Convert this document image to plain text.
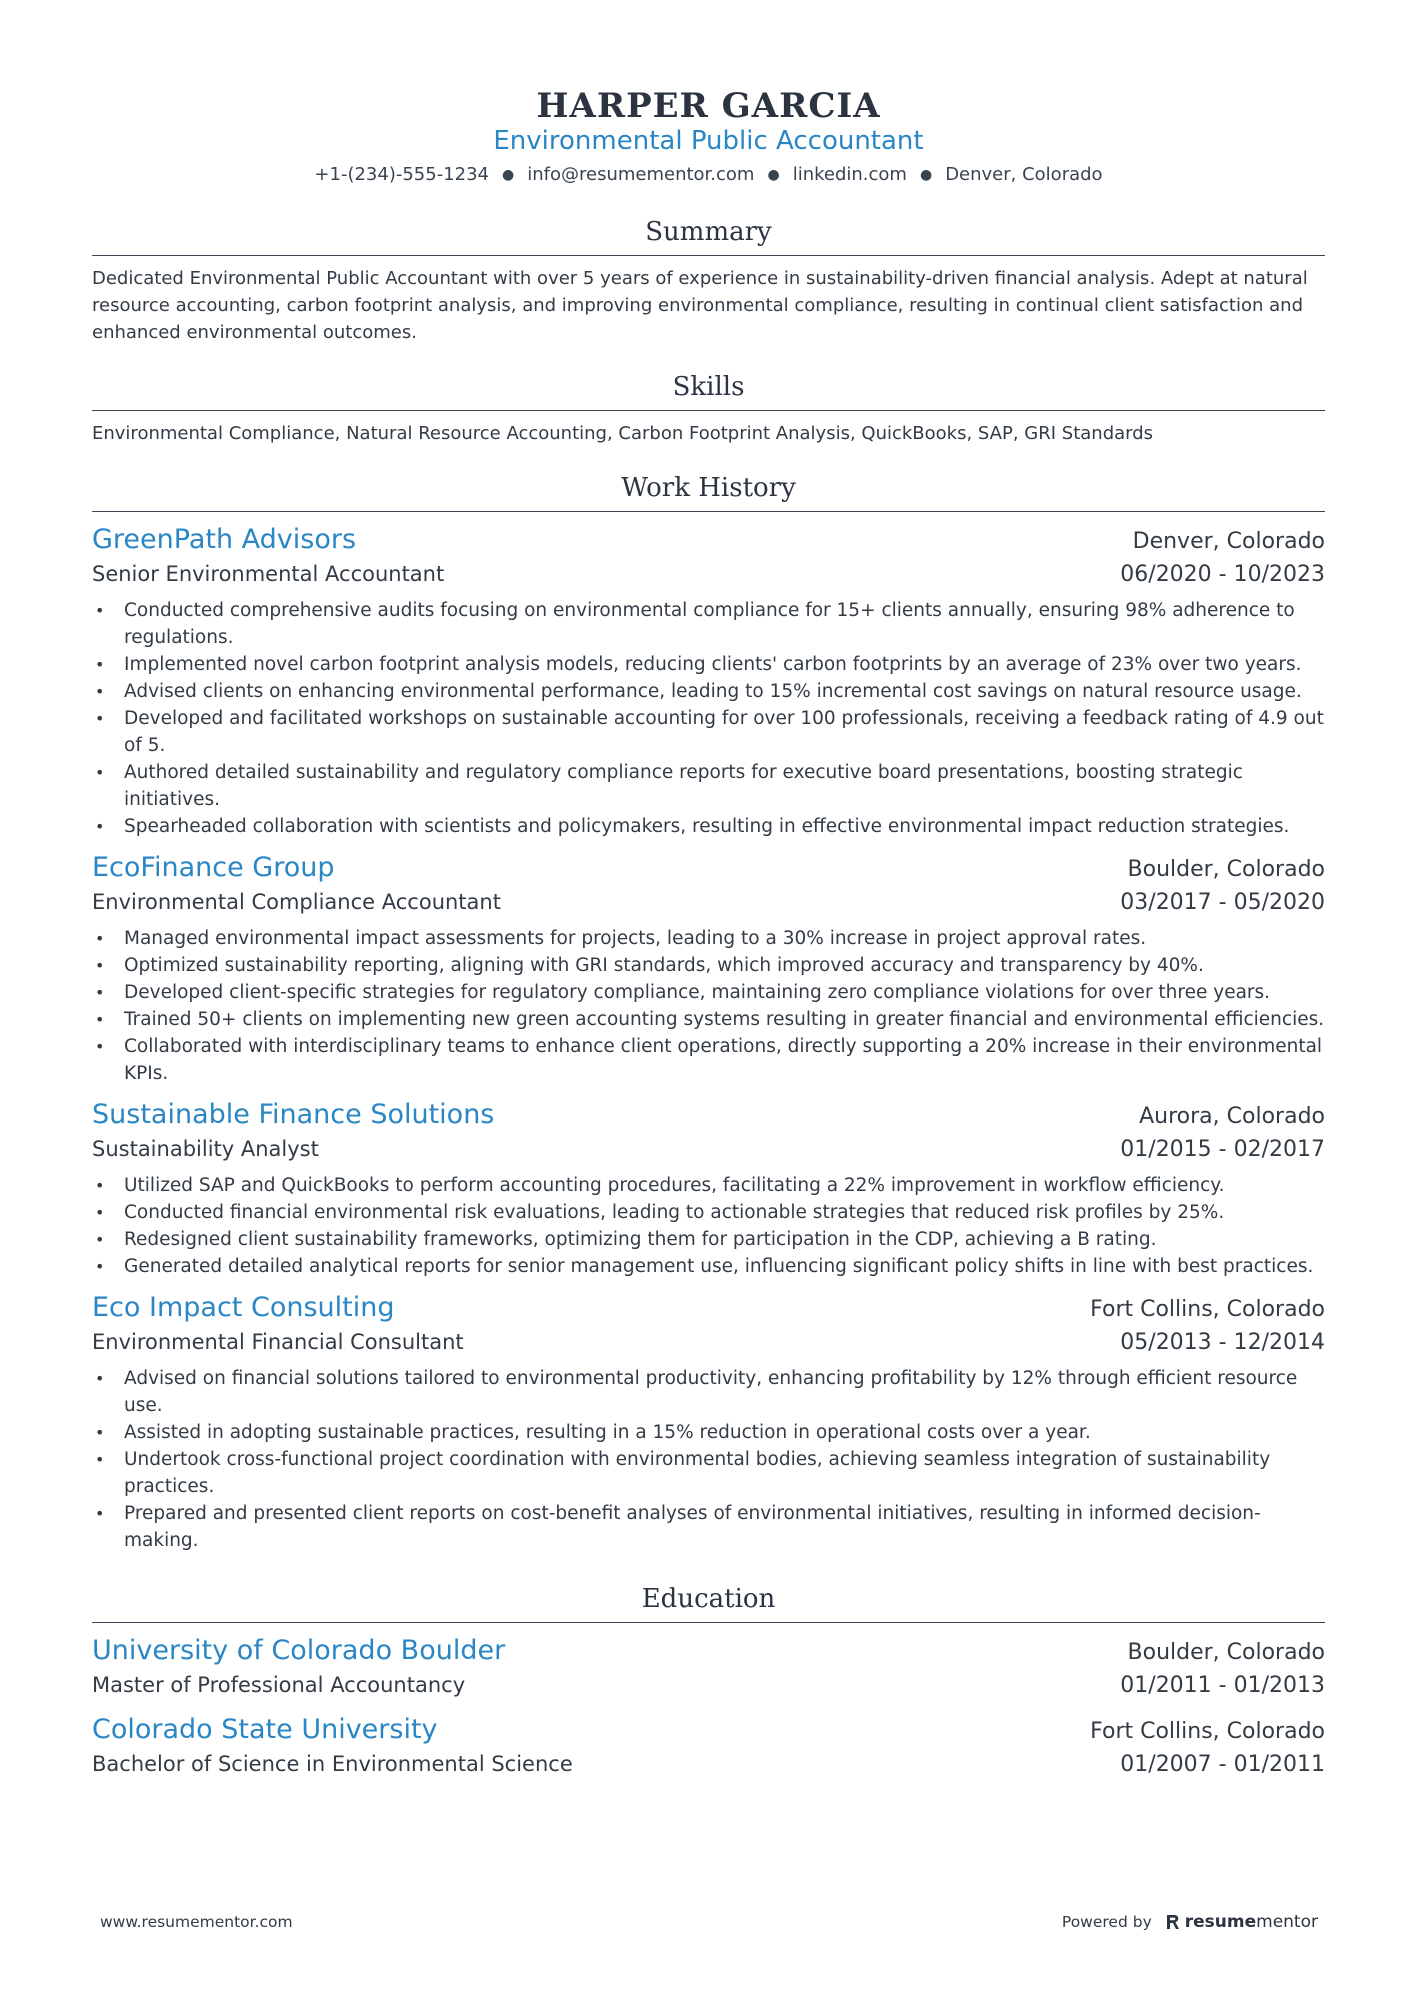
HARPER GARCIA
Environmental Public Accountant
+1-(234)-555-1234 ● info@resumementor.com ● linkedin.com ● Denver, Colorado
Summary

Dedicated Environmental Public Accountant with over 5 years of experience in sustainability-driven financial analysis. Adept at natural resource accounting, carbon footprint analysis, and improving environmental compliance, resulting in continual client satisfaction and enhanced environmental outcomes.

Skills

Environmental Compliance, Natural Resource Accounting, Carbon Footprint Analysis, QuickBooks, SAP, GRI Standards

Work History
GreenPath Advisors	Denver, Colorado
Senior Environmental Accountant	06/2020 - 10/2023
• Conducted comprehensive audits focusing on environmental compliance for 15+ clients annually, ensuring 98% adherence to regulations.
• Implemented novel carbon footprint analysis models, reducing clients' carbon footprints by an average of 23% over two years.
• Advised clients on enhancing environmental performance, leading to 15% incremental cost savings on natural resource usage.
• Developed and facilitated workshops on sustainable accounting for over 100 professionals, receiving a feedback rating of 4.9 out of 5.
• Authored detailed sustainability and regulatory compliance reports for executive board presentations, boosting strategic initiatives.
• Spearheaded collaboration with scientists and policymakers, resulting in effective environmental impact reduction strategies.
EcoFinance Group	Boulder, Colorado
Environmental Compliance Accountant	03/2017 - 05/2020
• Managed environmental impact assessments for projects, leading to a 30% increase in project approval rates.
• Optimized sustainability reporting, aligning with GRI standards, which improved accuracy and transparency by 40%.
• Developed client-specific strategies for regulatory compliance, maintaining zero compliance violations for over three years.
• Trained 50+ clients on implementing new green accounting systems resulting in greater financial and environmental efficiencies.
• Collaborated with interdisciplinary teams to enhance client operations, directly supporting a 20% increase in their environmental KPIs.
Sustainable Finance Solutions	Aurora, Colorado
Sustainability Analyst	01/2015 - 02/2017
• Utilized SAP and QuickBooks to perform accounting procedures, facilitating a 22% improvement in workflow efficiency.
• Conducted financial environmental risk evaluations, leading to actionable strategies that reduced risk profiles by 25%.
• Redesigned client sustainability frameworks, optimizing them for participation in the CDP, achieving a B rating.
• Generated detailed analytical reports for senior management use, influencing significant policy shifts in line with best practices.
Eco Impact Consulting	Fort Collins, Colorado
Environmental Financial Consultant	05/2013 - 12/2014
• Advised on financial solutions tailored to environmental productivity, enhancing profitability by 12% through efficient resource use.
• Assisted in adopting sustainable practices, resulting in a 15% reduction in operational costs over a year.
• Undertook cross-functional project coordination with environmental bodies, achieving seamless integration of sustainability practices.
• Prepared and presented client reports on cost-benefit analyses of environmental initiatives, resulting in informed decision-making.
Education
University of Colorado Boulder	Boulder, Colorado
Master of Professional Accountancy	01/2011 - 01/2013
Colorado State University	Fort Collins, Colorado
Bachelor of Science in Environmental Science	01/2007 - 01/2011
www.resumementor.com	Powered by resumementor
